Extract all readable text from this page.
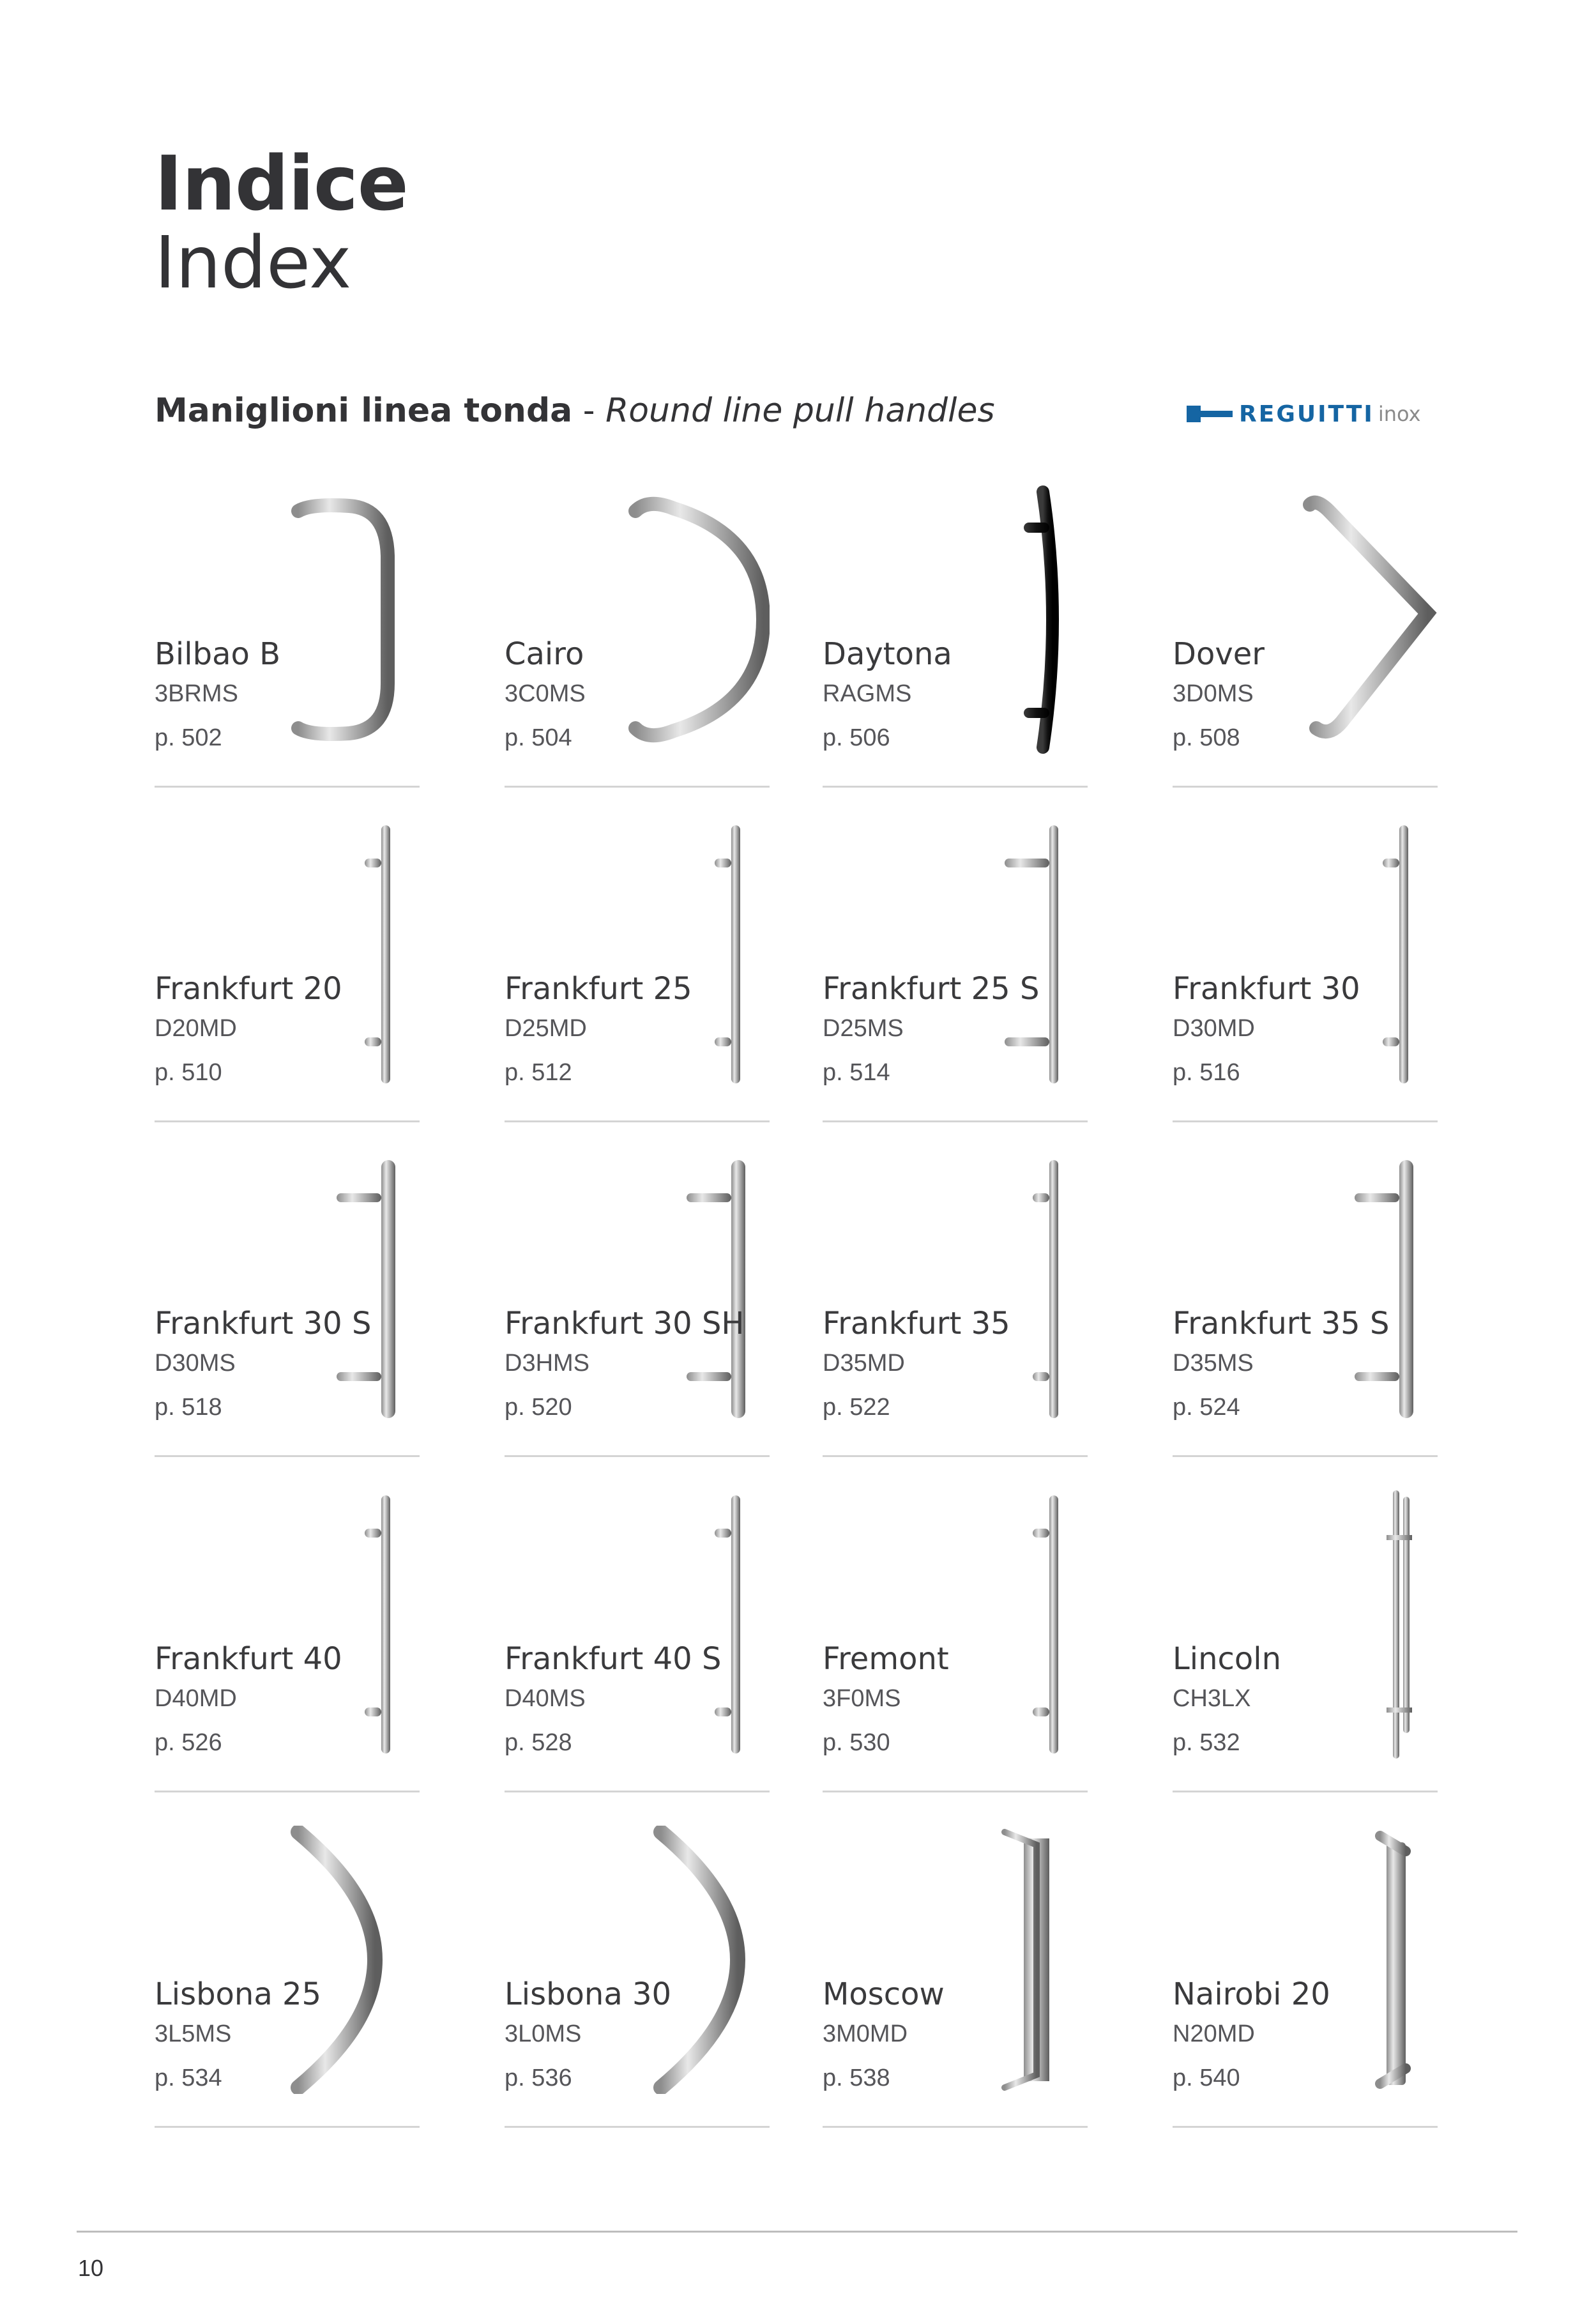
Indice
Index
Maniglioni linea tonda - Round line pull handles	REGUITTI inox

Bilbao B

3BRMS

p. 502

Cairo

3C0MS

p. 504

Daytona

RAGMS

p. 506

Dover

3D0MS

p. 508

Frankfurt 20

D20MD

p. 510

Frankfurt 25

D25MD

p. 512

Frankfurt 25 S

D25MS

p. 514

Frankfurt 30

D30MD

p. 516

Frankfurt 30 S

D30MS

p. 518

Frankfurt 30 SH

D3HMS

p. 520

Frankfurt 35

D35MD

p. 522

Frankfurt 35 S

D35MS

p. 524

Frankfurt 40

D40MD

p. 526

Frankfurt 40 S

D40MS

p. 528

Fremont

3F0MS

p. 530

Lincoln

CH3LX

p. 532

Lisbona 25

3L5MS

p. 534

Lisbona 30

3L0MS

p. 536

Moscow

3M0MD

p. 538

Nairobi 20

N20MD

p. 540

10
